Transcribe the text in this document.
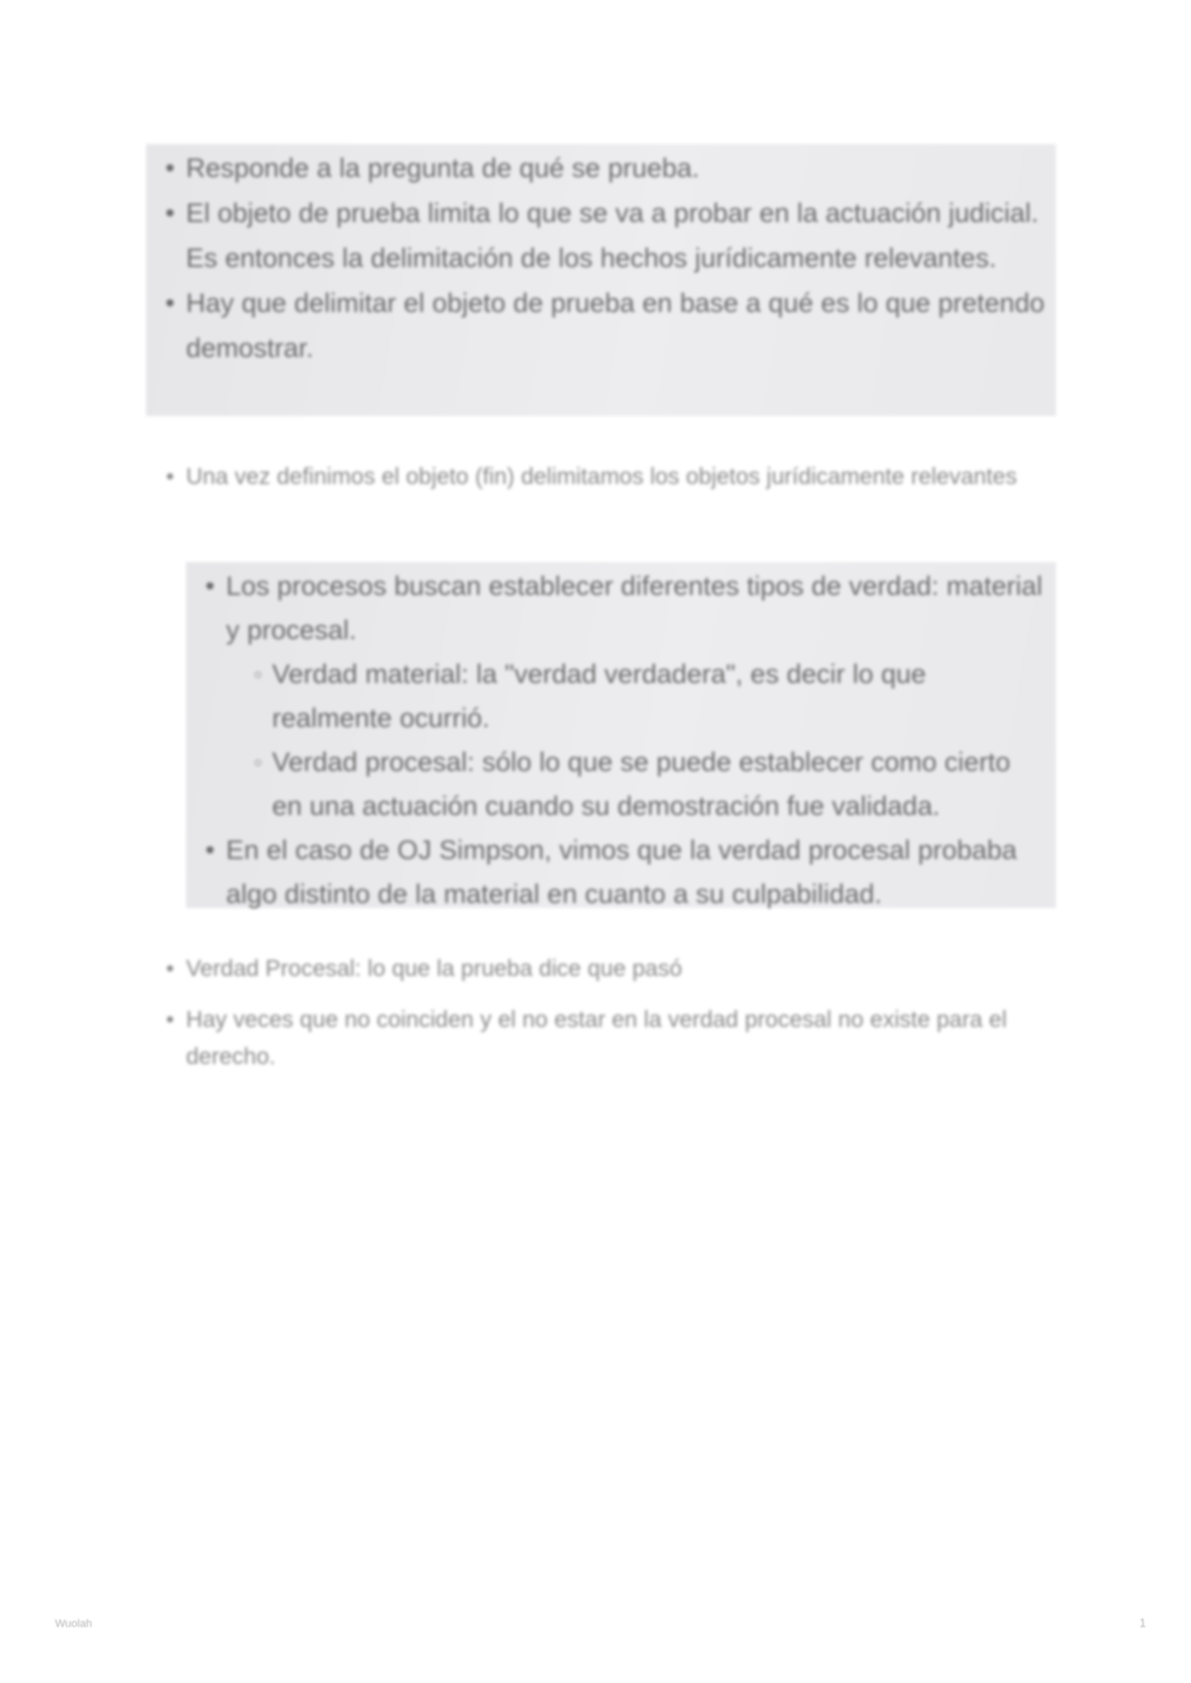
• Responde a la pregunta de qué se prueba.
• El objeto de prueba limita lo que se va a probar en la actuación judicial. Es entonces la delimitación de los hechos jurídicamente relevantes.
• Hay que delimitar el objeto de prueba en base a qué es lo que pretendo demostrar.
• Una vez definimos el objeto (fin) delimitamos los objetos jurídicamente relevantes
• Los procesos buscan establecer diferentes tipos de verdad: material y procesal.
◦ Verdad material: la "verdad verdadera", es decir lo que realmente ocurrió.
◦ Verdad procesal: sólo lo que se puede establecer como cierto en una actuación cuando su demostración fue validada.
• En el caso de OJ Simpson, vimos que la verdad procesal probaba algo distinto de la material en cuanto a su culpabilidad.
• Verdad Procesal: lo que la prueba dice que pasó
• Hay veces que no coinciden y el no estar en la verdad procesal no existe para el derecho.
Wuolah	1
